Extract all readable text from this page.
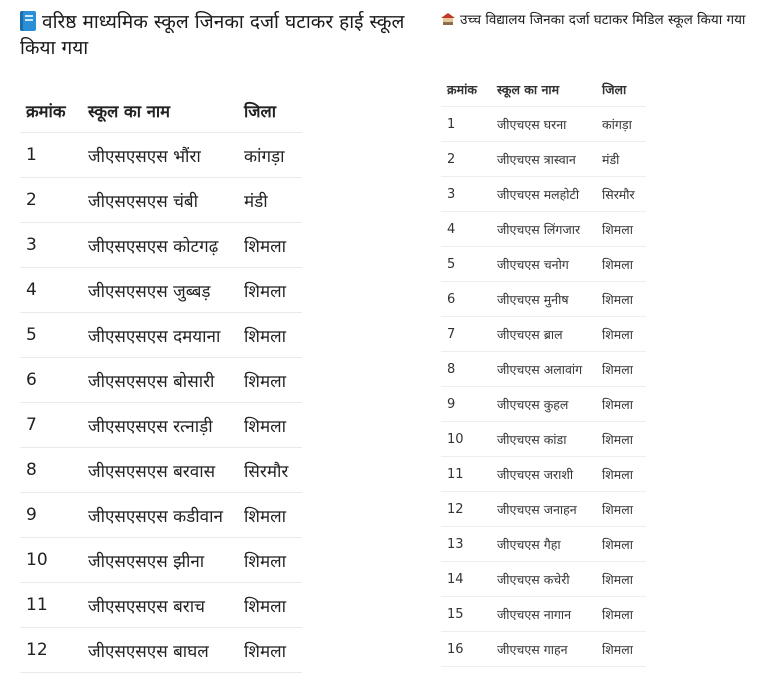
वरिष्ठ माध्यमिक स्कूल जिनका दर्जा घटाकर हाई स्कूल किया गया
क्रमांक	स्कूल का नाम	जिला
1	जीएसएसएस भौंरा	कांगड़ा
2	जीएसएसएस चंबी	मंडी
3	जीएसएसएस कोटगढ़	शिमला
4	जीएसएसएस जुब्बड़	शिमला
5	जीएसएसएस दमयाना	शिमला
6	जीएसएसएस बोसारी	शिमला
7	जीएसएसएस रत्नाड़ी	शिमला
8	जीएसएसएस बरवास	सिरमौर
9	जीएसएसएस कडीवान	शिमला
10	जीएसएसएस झीना	शिमला
11	जीएसएसएस बराच	शिमला
12	जीएसएसएस बाघल	शिमला
उच्च विद्यालय जिनका दर्जा घटाकर मिडिल स्कूल किया गया
क्रमांक	स्कूल का नाम	जिला
1	जीएचएस घरना	कांगड़ा
2	जीएचएस त्रास्वान	मंडी
3	जीएचएस मलहोटी	सिरमौर
4	जीएचएस लिंगजार	शिमला
5	जीएचएस चनोग	शिमला
6	जीएचएस मुनीष	शिमला
7	जीएचएस ब्राल	शिमला
8	जीएचएस अलावांग	शिमला
9	जीएचएस कुहल	शिमला
10	जीएचएस कांडा	शिमला
11	जीएचएस जराशी	शिमला
12	जीएचएस जनाहन	शिमला
13	जीएचएस गैहा	शिमला
14	जीएचएस कचेरी	शिमला
15	जीएचएस नागान	शिमला
16	जीएचएस गाहन	शिमला
